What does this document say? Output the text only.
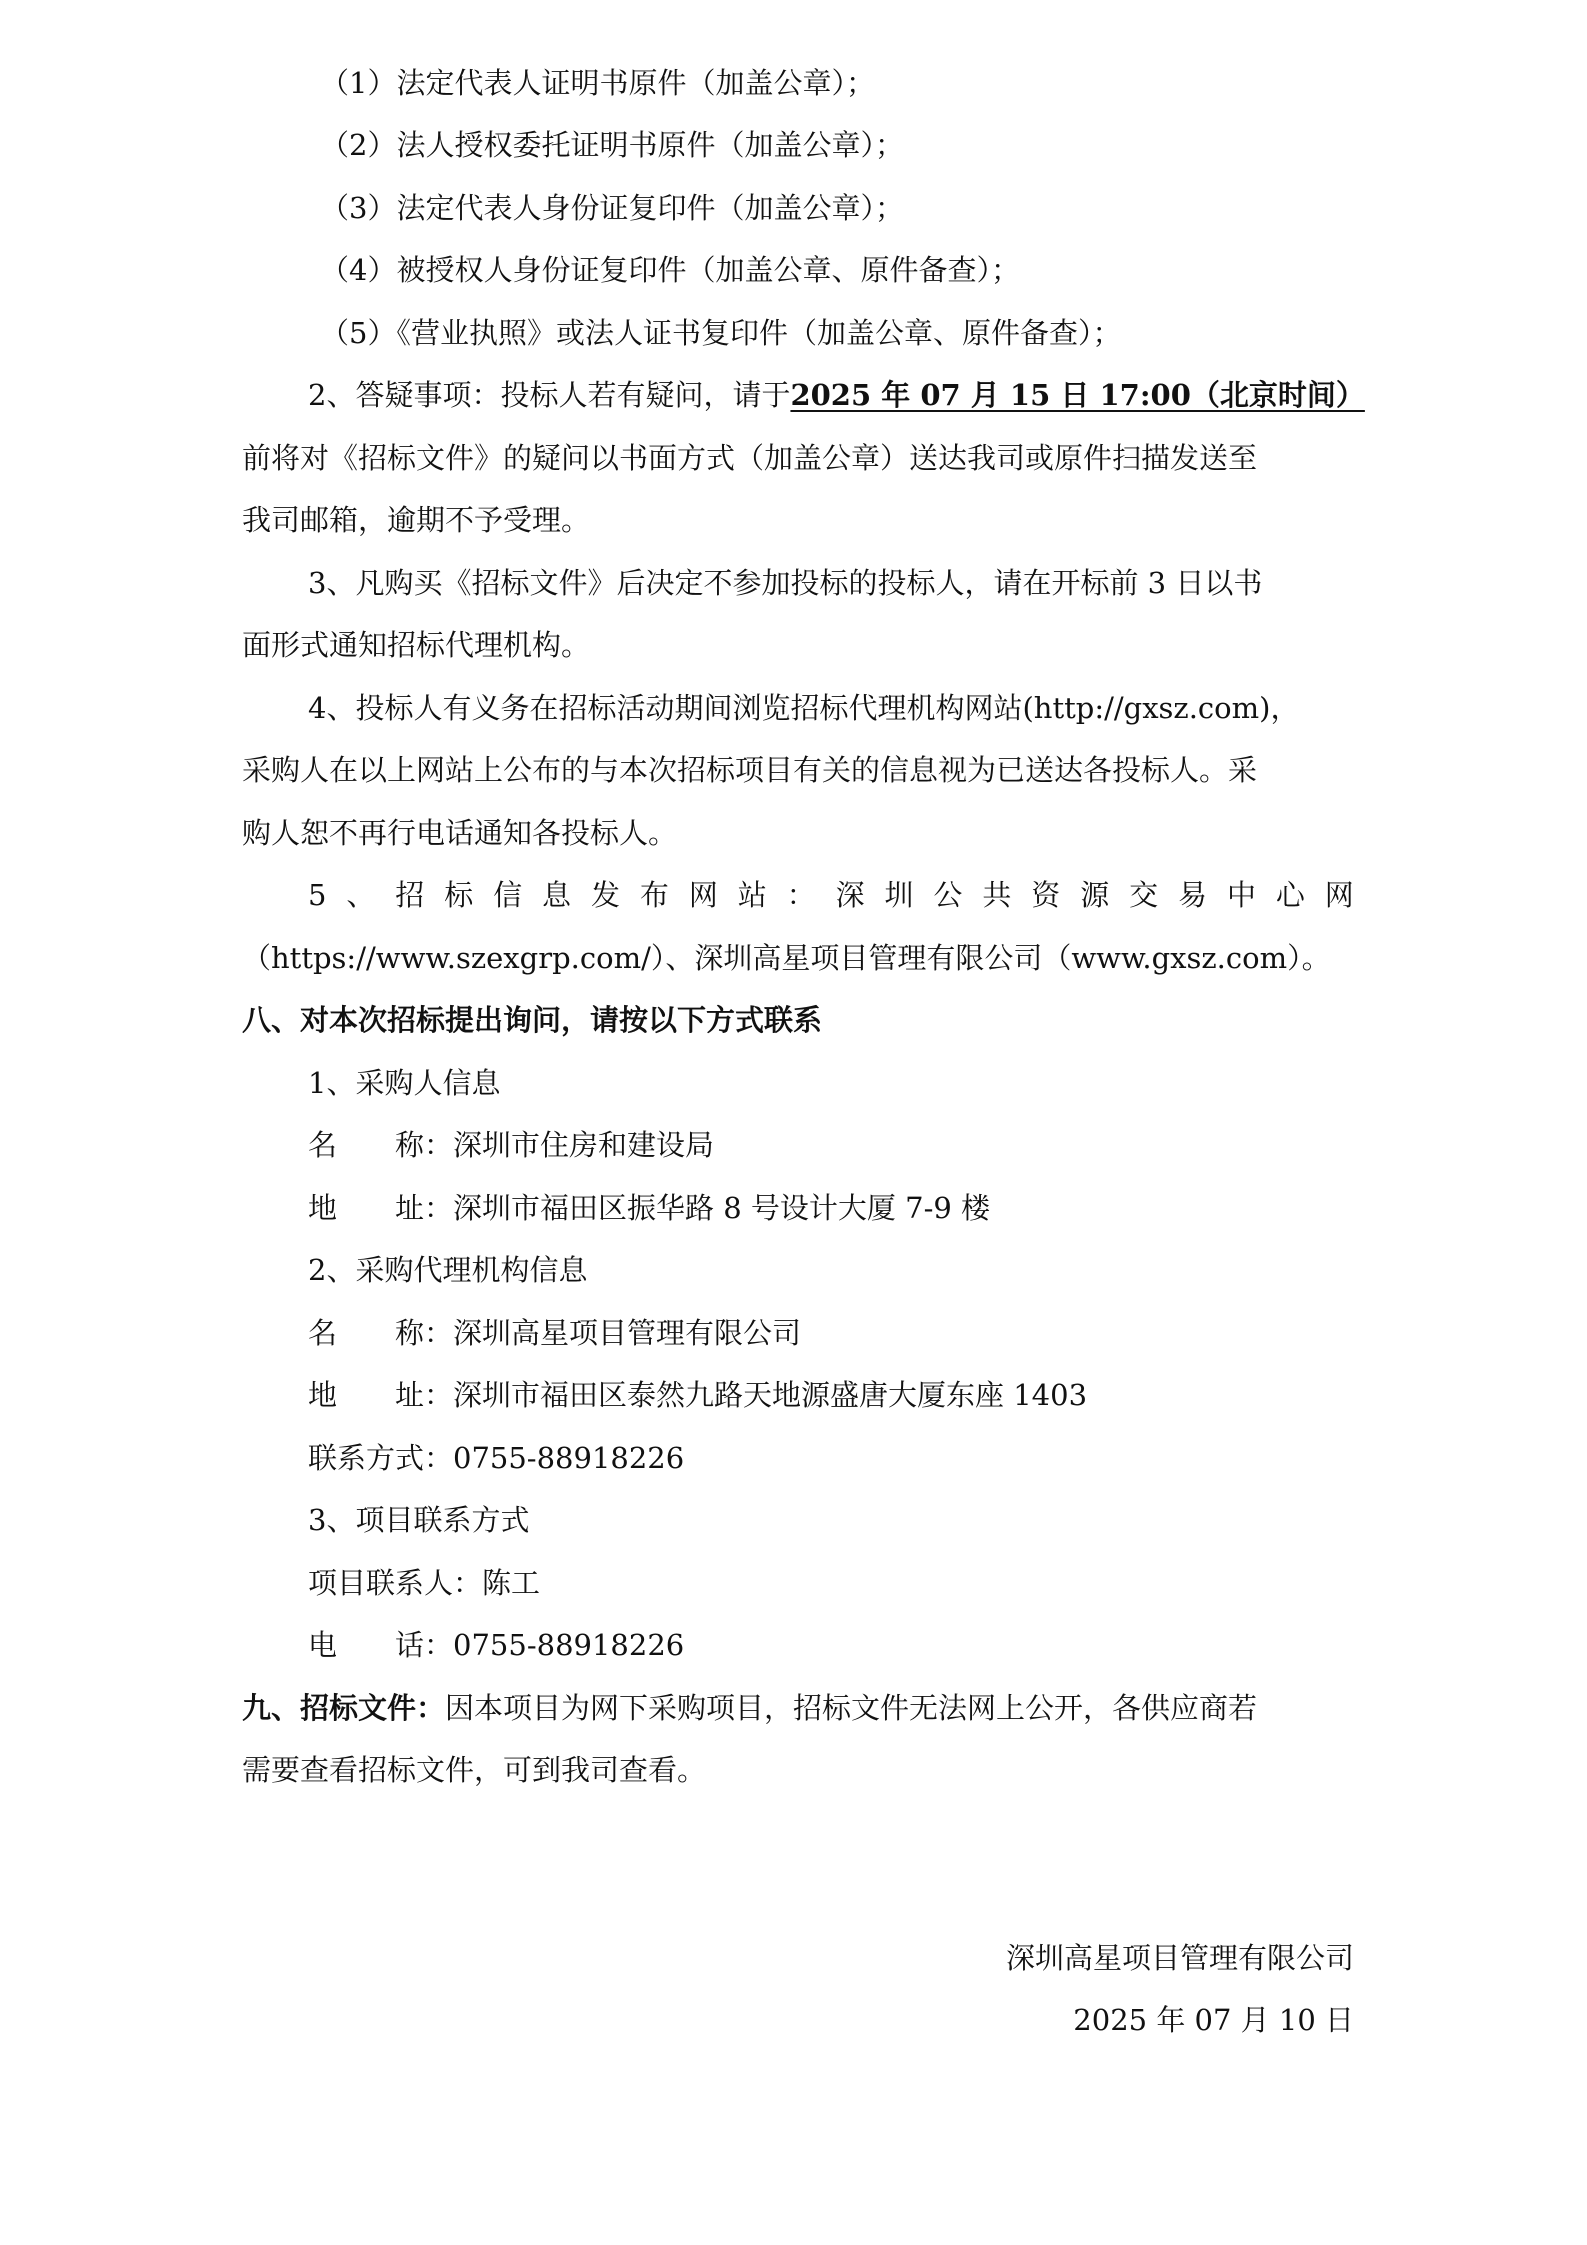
（1）法定代表人证明书原件（加盖公章）；
（2）法人授权委托证明书原件（加盖公章）；
（3）法定代表人身份证复印件（加盖公章）；
（4）被授权人身份证复印件（加盖公章、原件备查）；
（5）《营业执照》或法人证书复印件（加盖公章、原件备查）；
2、答疑事项：投标人若有疑问，请于2025 年 07 月 15 日 17:00（北京时间）
前将对《招标文件》的疑问以书面方式（加盖公章）送达我司或原件扫描发送至
我司邮箱，逾期不予受理。
3、凡购买《招标文件》后决定不参加投标的投标人，请在开标前 3 日以书
面形式通知招标代理机构。
4、投标人有义务在招标活动期间浏览招标代理机构网站(http://gxsz.com)，
采购人在以上网站上公布的与本次招标项目有关的信息视为已送达各投标人。采
购人恕不再行电话通知各投标人。
5 、 招 标 信 息 发 布 网 站 ： 深 圳 公 共 资 源 交 易 中 心 网
（https://www.szexgrp.com/）、深圳高星项目管理有限公司（www.gxsz.com）。
八、对本次招标提出询问，请按以下方式联系
1、采购人信息
名　　称：深圳市住房和建设局
地　　址：深圳市福田区振华路 8 号设计大厦 7-9 楼
2、采购代理机构信息
名　　称：深圳高星项目管理有限公司
地　　址：深圳市福田区泰然九路天地源盛唐大厦东座 1403
联系方式：0755-88918226
3、项目联系方式
项目联系人：陈工
电　　话：0755-88918226
九、招标文件：因本项目为网下采购项目，招标文件无法网上公开，各供应商若
需要查看招标文件，可到我司查看。
深圳高星项目管理有限公司
2025 年 07 月 10 日
